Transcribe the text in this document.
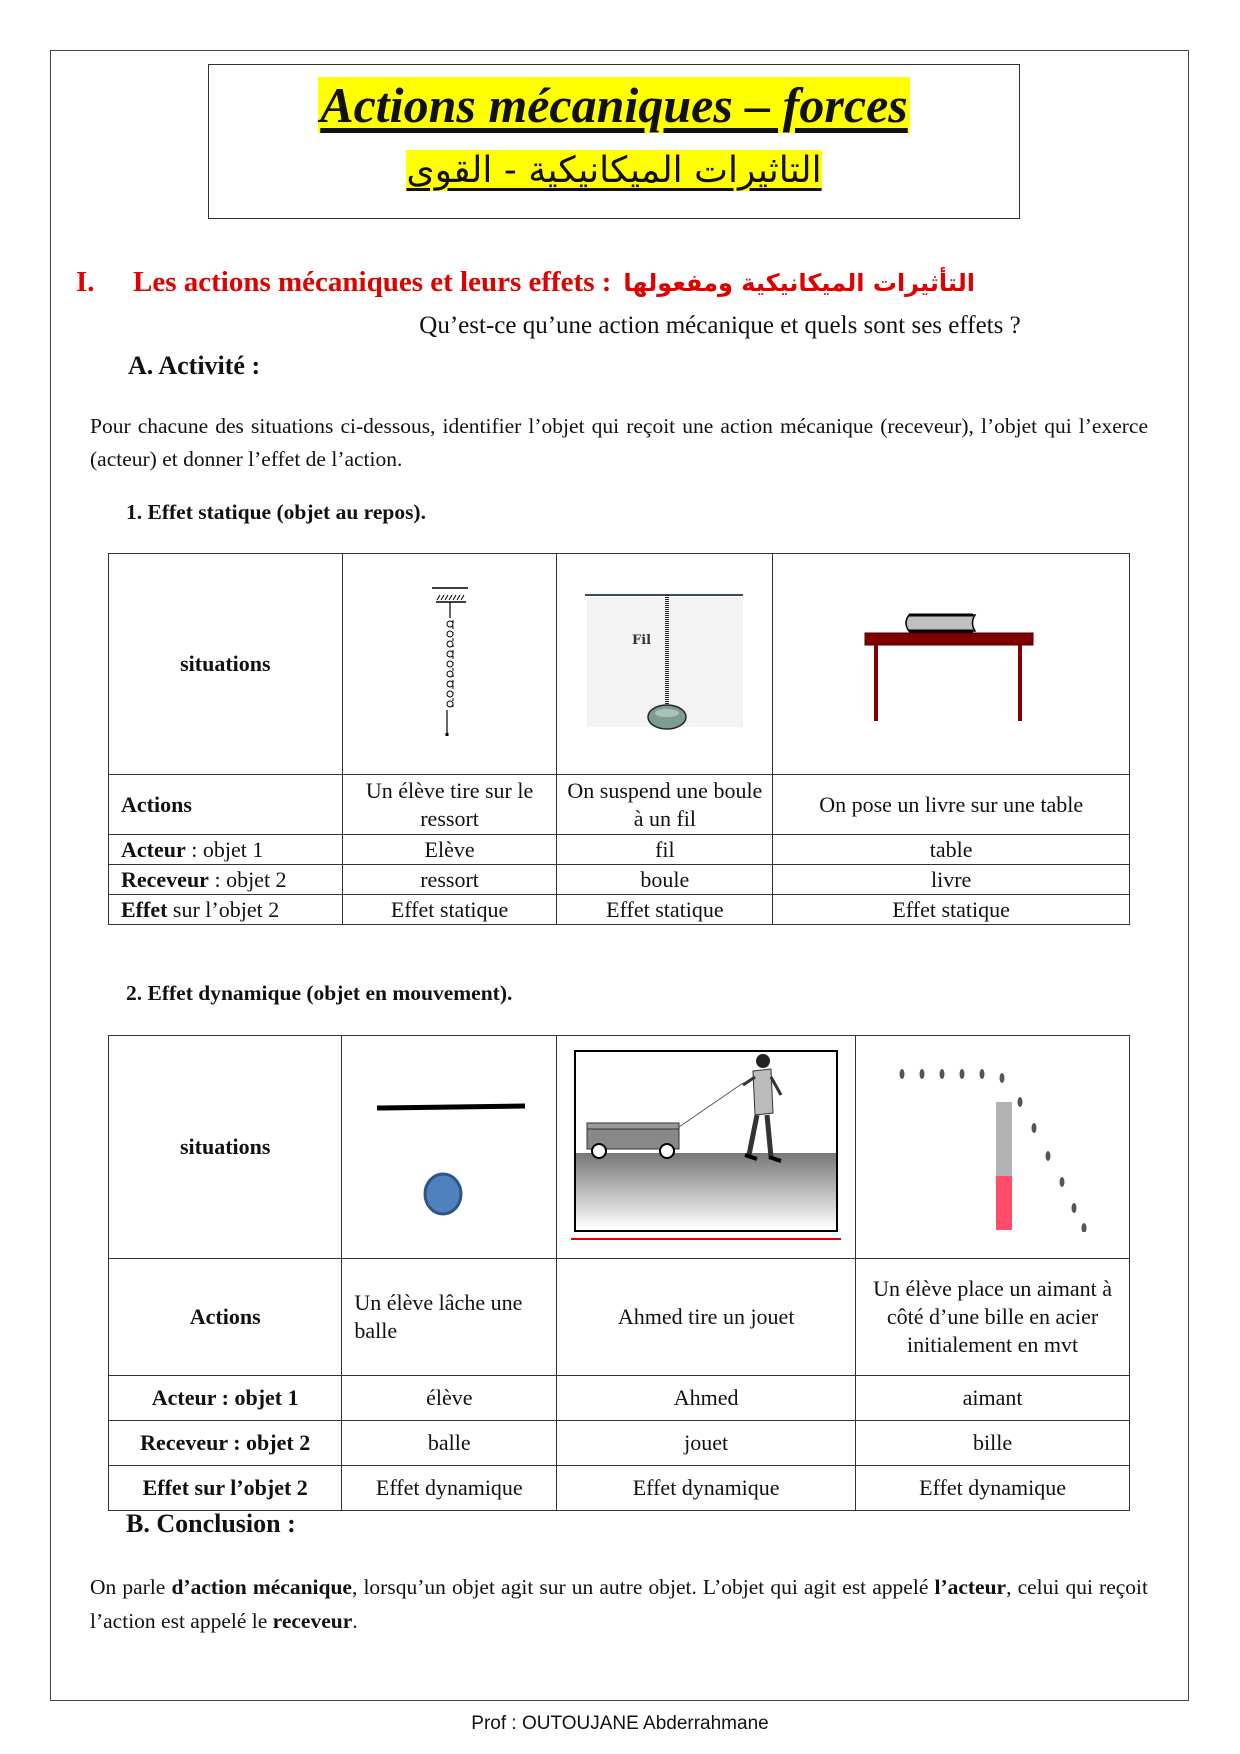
Actions mécaniques – forces
التاثيرات الميكانيكية - القوى
I. Les actions mécaniques et leurs effets : التأثيرات الميكانيكية ومفعولها
Qu’est-ce qu’une action mécanique et quels sont ses effets ?
A. Activité :
Pour chacune des situations ci-dessous, identifier l’objet qui reçoit une action mécanique (receveur), l’objet qui l’exerce (acteur) et donner l’effet de l’action.
1. Effet statique (objet au repos).
situations		Fil

Actions	Un élève tire sur le ressort	On suspend une boule à un fil	On pose un livre sur une table
Acteur : objet 1	Elève	fil	table
Receveur : objet 2	ressort	boule	livre
Effet sur l’objet 2	Effet statique	Effet statique	Effet statique
2. Effet dynamique (objet en mouvement).
situations	

Actions	Un élève lâche une balle	Ahmed tire un jouet	Un élève place un aimant à côté d’une bille en acier initialement en mvt
Acteur : objet 1	élève	Ahmed	aimant
Receveur : objet 2	balle	jouet	bille
Effet sur l’objet 2	Effet dynamique	Effet dynamique	Effet dynamique
B. Conclusion :
On parle d’action mécanique, lorsqu’un objet agit sur un autre objet. L’objet qui agit est appelé l’acteur, celui qui reçoit l’action est appelé le receveur.
Prof : OUTOUJANE Abderrahmane
